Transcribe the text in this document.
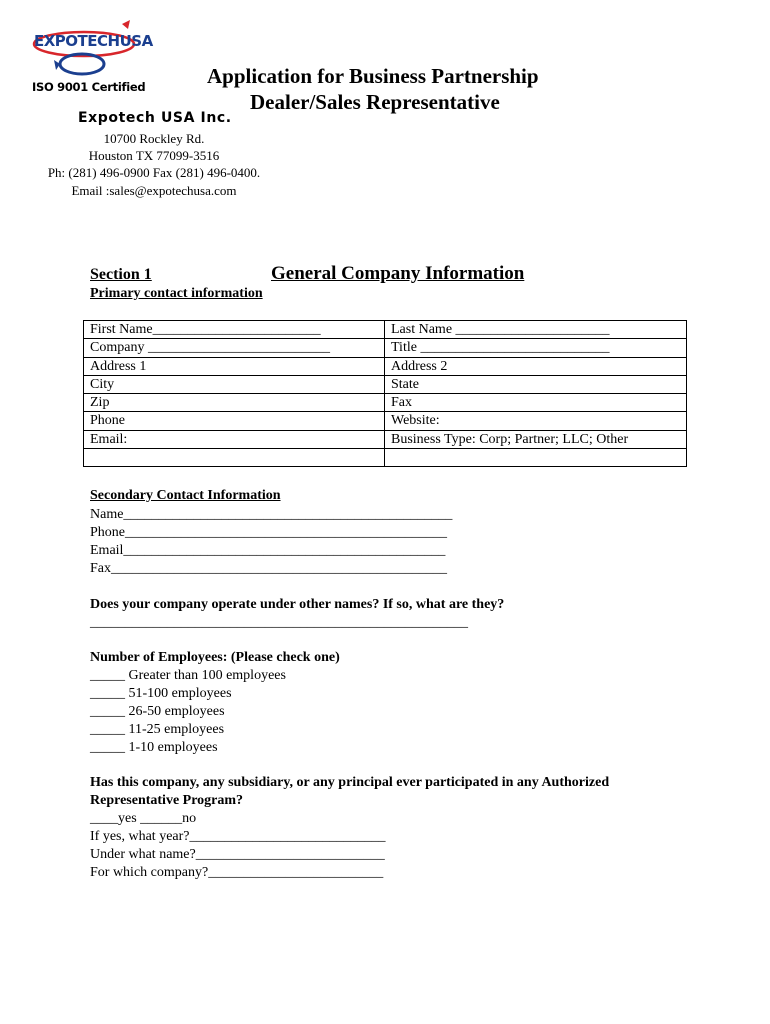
EXPOTECHUSA
ISO 9001 Certified	Application for Business Partnership
Dealer/Sales Representative
Expotech USA Inc.
10700 Rockley Rd.
Houston TX 77099-3516
Ph: (281) 496-0900 Fax (281) 496-0400.
Email :sales@expotechusa.com
Section 1	General Company Information
Primary contact information
First Name________________________	Last Name ______________________
Company __________________________	Title ___________________________
Address 1	Address 2
City	State
Zip	Fax
Phone	Website:
Email:	Business Type: Corp; Partner; LLC; Other

Secondary Contact Information
Name_______________________________________________
Phone______________________________________________
Email______________________________________________
Fax________________________________________________
Does your company operate under other names? If so, what are they?
______________________________________________________
Number of Employees: (Please check one)
_____ Greater than 100 employees
_____ 51-100 employees
_____ 26-50 employees
_____ 11-25 employees
_____ 1-10 employees
Has this company, any subsidiary, or any principal ever participated in any Authorized
Representative Program?
____yes ______no
If yes, what year?____________________________
Under what name?___________________________
For which company?_________________________
